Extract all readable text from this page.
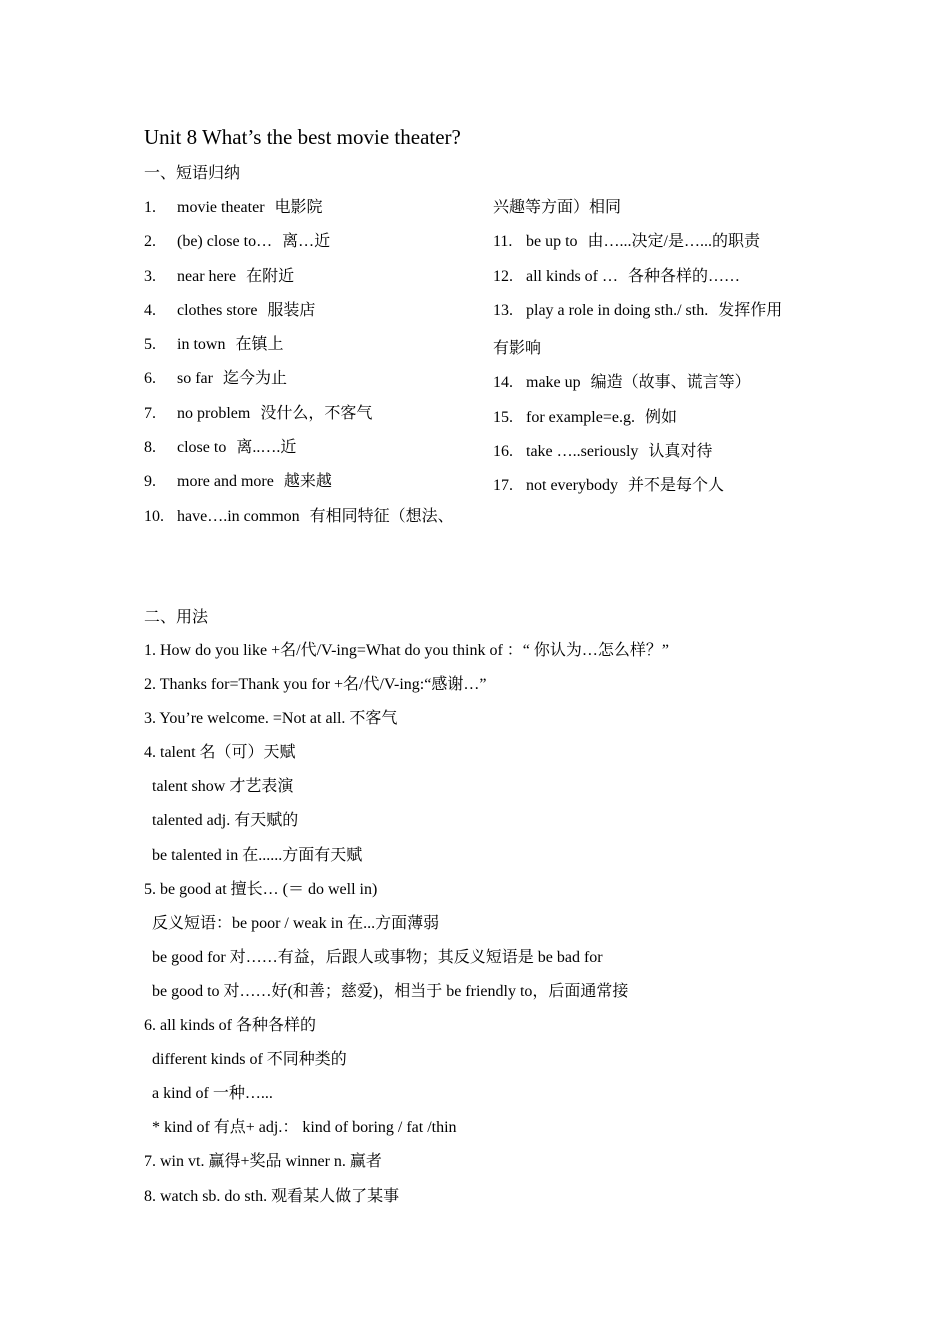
Unit 8 What’s the best movie theater?
一、短语归纳
1. movie theater 电影院
2. (be) close to… 离…近
3. near here 在附近
4. clothes store 服装店
5. in town 在镇上
6. so far 迄今为止
7. no problem 没什么，不客气
8. close to 离..….近
9. more and more 越来越
10. have….in common 有相同特征（想法、
兴趣等方面）相同
11. be up to 由…...决定/是…...的职责
12. all kinds of … 各种各样的……
13. play a role in doing sth./ sth. 发挥作用
有影响
14. make up 编造（故事、谎言等）
15. for example=e.g. 例如
16. take …..seriously 认真对待
17. not everybody 并不是每个人
二、用法
1. How do you like +名/代/V-ing=What do you think of ：“ 你认为…怎么样？”
2. Thanks for=Thank you for +名/代/V-ing:“感谢…”
3. You’re welcome. =Not at all. 不客气
4. talent 名（可）天赋
talent show 才艺表演
talented adj. 有天赋的
be talented in 在......方面有天赋
5. be good at 擅长… (＝ do well in)
反义短语：be poor / weak in 在...方面薄弱
be good for 对……有益，后跟人或事物；其反义短语是 be bad for
be good to 对……好(和善；慈爱)，相当于 be friendly to，后面通常接
6. all kinds of 各种各样的
different kinds of 不同种类的
a kind of 一种…...
* kind of 有点+ adj.： kind of boring / fat /thin
7. win vt. 赢得+奖品 winner n. 赢者
8. watch sb. do sth. 观看某人做了某事
